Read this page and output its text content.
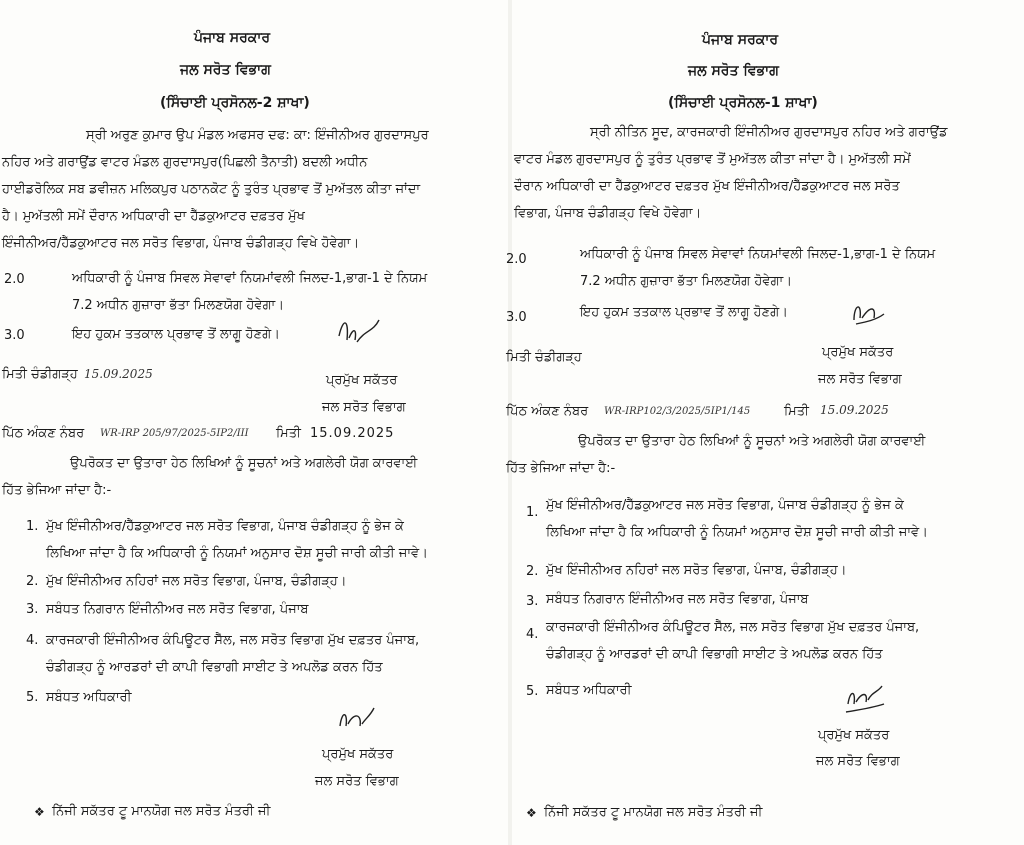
ਪੰਜਾਬ ਸਰਕਾਰ
ਜਲ ਸਰੋਤ ਵਿਭਾਗ
(ਸਿੰਚਾਈ ਪ੍ਰਸੋਨਲ-2 ਸ਼ਾਖਾ)
ਸ੍ਰੀ ਅਰੁਣ ਕੁਮਾਰ ਉਪ ਮੰਡਲ ਅਫਸਰ ਦਫ: ਕਾ: ਇੰਜੀਨੀਅਰ ਗੁਰਦਾਸਪੁਰ
ਨਹਿਰ ਅਤੇ ਗਰਾਉਂਡ ਵਾਟਰ ਮੰਡਲ ਗੁਰਦਾਸਪੁਰ(ਪਿਛਲੀ ਤੈਨਾਤੀ) ਬਦਲੀ ਅਧੀਨ
ਹਾਈਡਰੋਲਿਕ ਸਬ ਡਵੀਜ਼ਨ ਮਲਿਕਪੁਰ ਪਠਾਨਕੋਟ ਨੂੰ ਤੁਰੰਤ ਪ੍ਰਭਾਵ ਤੋਂ ਮੁਅੱਤਲ ਕੀਤਾ ਜਾਂਦਾ
ਹੈ। ਮੁਅੱਤਲੀ ਸਮੇਂ ਦੌਰਾਨ ਅਧਿਕਾਰੀ ਦਾ ਹੈੱਡਕੁਆਟਰ ਦਫ਼ਤਰ ਮੁੱਖ
ਇੰਜੀਨੀਅਰ/ਹੈੱਡਕੁਆਟਰ ਜਲ ਸਰੋਤ ਵਿਭਾਗ, ਪੰਜਾਬ ਚੰਡੀਗੜ੍ਹ ਵਿਖੇ ਹੋਵੇਗਾ।
2.0	ਅਧਿਕਾਰੀ ਨੂੰ ਪੰਜਾਬ ਸਿਵਲ ਸੇਵਾਵਾਂ ਨਿਯਮਾਂਵਲੀ ਜਿਲਦ-1,ਭਾਗ-1 ਦੇ ਨਿਯਮ
7.2 ਅਧੀਨ ਗੁਜ਼ਾਰਾ ਭੱਤਾ ਮਿਲਣਯੋਗ ਹੋਵੇਗਾ।
3.0	ਇਹ ਹੁਕਮ ਤਤਕਾਲ ਪ੍ਰਭਾਵ ਤੋਂ ਲਾਗੂ ਹੋਣਗੇ।
ਮਿਤੀ ਚੰਡੀਗੜ੍ਹ 15.09.2025	ਪ੍ਰਮੁੱਖ ਸਕੱਤਰ
ਜਲ ਸਰੋਤ ਵਿਭਾਗ
ਪਿੱਠ ਅੰਕਣ ਨੰਬਰ WR-IRP 205/97/2025-5IP2/III ਮਿਤੀ 15.09.2025
ਉਪਰੋਕਤ ਦਾ ਉਤਾਰਾ ਹੇਠ ਲਿਖਿਆਂ ਨੂੰ ਸੂਚਨਾਂ ਅਤੇ ਅਗਲੇਰੀ ਯੋਗ ਕਾਰਵਾਈ
ਹਿੱਤ ਭੇਜਿਆ ਜਾਂਦਾ ਹੈ:-
1. ਮੁੱਖ ਇੰਜੀਨੀਅਰ/ਹੈੱਡਕੁਆਟਰ ਜਲ ਸਰੋਤ ਵਿਭਾਗ, ਪੰਜਾਬ ਚੰਡੀਗੜ੍ਹ ਨੂੰ ਭੇਜ ਕੇ
ਲਿਖਿਆ ਜਾਂਦਾ ਹੈ ਕਿ ਅਧਿਕਾਰੀ ਨੂੰ ਨਿਯਮਾਂ ਅਨੁਸਾਰ ਦੋਸ਼ ਸੂਚੀ ਜਾਰੀ ਕੀਤੀ ਜਾਵੇ।
2. ਮੁੱਖ ਇੰਜੀਨੀਅਰ ਨਹਿਰਾਂ ਜਲ ਸਰੋਤ ਵਿਭਾਗ, ਪੰਜਾਬ, ਚੰਡੀਗੜ੍ਹ।
3. ਸਬੰਧਤ ਨਿਗਰਾਨ ਇੰਜੀਨੀਅਰ ਜਲ ਸਰੋਤ ਵਿਭਾਗ, ਪੰਜਾਬ
4. ਕਾਰਜਕਾਰੀ ਇੰਜੀਨੀਅਰ ਕੰਪਿਊਟਰ ਸੈੱਲ, ਜਲ ਸਰੋਤ ਵਿਭਾਗ ਮੁੱਖ ਦਫ਼ਤਰ ਪੰਜਾਬ,
ਚੰਡੀਗੜ੍ਹ ਨੂੰ ਆਰਡਰਾਂ ਦੀ ਕਾਪੀ ਵਿਭਾਗੀ ਸਾਈਟ ਤੇ ਅਪਲੋਡ ਕਰਨ ਹਿੱਤ
5. ਸਬੰਧਤ ਅਧਿਕਾਰੀ
ਪ੍ਰਮੁੱਖ ਸਕੱਤਰ
ਜਲ ਸਰੋਤ ਵਿਭਾਗ
❖ ਨਿੱਜੀ ਸਕੱਤਰ ਟੂ ਮਾਨਯੋਗ ਜਲ ਸਰੋਤ ਮੰਤਰੀ ਜੀ
ਪੰਜਾਬ ਸਰਕਾਰ
ਜਲ ਸਰੋਤ ਵਿਭਾਗ
(ਸਿੰਚਾਈ ਪ੍ਰਸੋਨਲ-1 ਸ਼ਾਖਾ)
ਸ੍ਰੀ ਨੀਤਿਨ ਸੂਦ, ਕਾਰਜਕਾਰੀ ਇੰਜੀਨੀਅਰ ਗੁਰਦਾਸਪੁਰ ਨਹਿਰ ਅਤੇ ਗਰਾਉਂਡ
ਵਾਟਰ ਮੰਡਲ ਗੁਰਦਾਸਪੁਰ ਨੂੰ ਤੁਰੰਤ ਪ੍ਰਭਾਵ ਤੋਂ ਮੁਅੱਤਲ ਕੀਤਾ ਜਾਂਦਾ ਹੈ। ਮੁਅੱਤਲੀ ਸਮੇਂ
ਦੌਰਾਨ ਅਧਿਕਾਰੀ ਦਾ ਹੈੱਡਕੁਆਟਰ ਦਫ਼ਤਰ ਮੁੱਖ ਇੰਜੀਨੀਅਰ/ਹੈੱਡਕੁਆਟਰ ਜਲ ਸਰੋਤ
ਵਿਭਾਗ, ਪੰਜਾਬ ਚੰਡੀਗੜ੍ਹ ਵਿਖੇ ਹੋਵੇਗਾ।
2.0	ਅਧਿਕਾਰੀ ਨੂੰ ਪੰਜਾਬ ਸਿਵਲ ਸੇਵਾਵਾਂ ਨਿਯਮਾਂਵਲੀ ਜਿਲਦ-1,ਭਾਗ-1 ਦੇ ਨਿਯਮ
7.2 ਅਧੀਨ ਗੁਜ਼ਾਰਾ ਭੱਤਾ ਮਿਲਣਯੋਗ ਹੋਵੇਗਾ।
3.0	ਇਹ ਹੁਕਮ ਤਤਕਾਲ ਪ੍ਰਭਾਵ ਤੋਂ ਲਾਗੂ ਹੋਣਗੇ।
ਮਿਤੀ ਚੰਡੀਗੜ੍ਹ	ਪ੍ਰਮੁੱਖ ਸਕੱਤਰ
ਜਲ ਸਰੋਤ ਵਿਭਾਗ
ਪਿੱਠ ਅੰਕਣ ਨੰਬਰ WR-IRP102/3/2025/5IP1/145	ਮਿਤੀ 15.09.2025
ਉਪਰੋਕਤ ਦਾ ਉਤਾਰਾ ਹੇਠ ਲਿਖਿਆਂ ਨੂੰ ਸੂਚਨਾਂ ਅਤੇ ਅਗਲੇਰੀ ਯੋਗ ਕਾਰਵਾਈ
ਹਿੱਤ ਭੇਜਿਆ ਜਾਂਦਾ ਹੈ:-
1. ਮੁੱਖ ਇੰਜੀਨੀਅਰ/ਹੈੱਡਕੁਆਟਰ ਜਲ ਸਰੋਤ ਵਿਭਾਗ, ਪੰਜਾਬ ਚੰਡੀਗੜ੍ਹ ਨੂੰ ਭੇਜ ਕੇ
ਲਿਖਿਆ ਜਾਂਦਾ ਹੈ ਕਿ ਅਧਿਕਾਰੀ ਨੂੰ ਨਿਯਮਾਂ ਅਨੁਸਾਰ ਦੋਸ਼ ਸੂਚੀ ਜਾਰੀ ਕੀਤੀ ਜਾਵੇ।
2. ਮੁੱਖ ਇੰਜੀਨੀਅਰ ਨਹਿਰਾਂ ਜਲ ਸਰੋਤ ਵਿਭਾਗ, ਪੰਜਾਬ, ਚੰਡੀਗੜ੍ਹ।
3. ਸਬੰਧਤ ਨਿਗਰਾਨ ਇੰਜੀਨੀਅਰ ਜਲ ਸਰੋਤ ਵਿਭਾਗ, ਪੰਜਾਬ
4. ਕਾਰਜਕਾਰੀ ਇੰਜੀਨੀਅਰ ਕੰਪਿਊਟਰ ਸੈੱਲ, ਜਲ ਸਰੋਤ ਵਿਭਾਗ ਮੁੱਖ ਦਫ਼ਤਰ ਪੰਜਾਬ,
ਚੰਡੀਗੜ੍ਹ ਨੂੰ ਆਰਡਰਾਂ ਦੀ ਕਾਪੀ ਵਿਭਾਗੀ ਸਾਈਟ ਤੇ ਅਪਲੋਡ ਕਰਨ ਹਿੱਤ
5. ਸਬੰਧਤ ਅਧਿਕਾਰੀ
ਪ੍ਰਮੁੱਖ ਸਕੱਤਰ
ਜਲ ਸਰੋਤ ਵਿਭਾਗ
❖ ਨਿੱਜੀ ਸਕੱਤਰ ਟੂ ਮਾਨਯੋਗ ਜਲ ਸਰੋਤ ਮੰਤਰੀ ਜੀ
